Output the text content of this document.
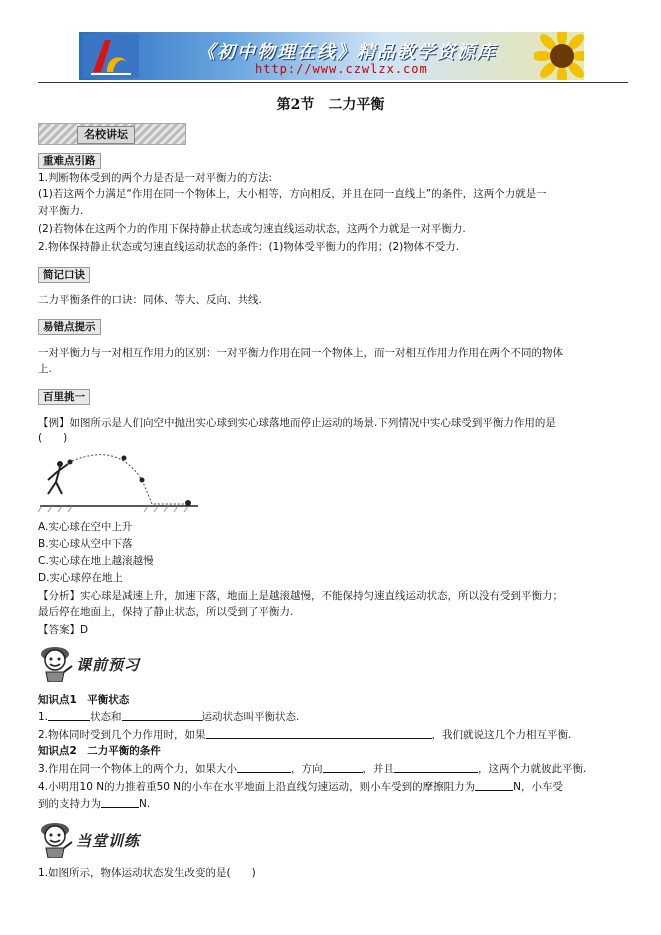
《初中物理在线》精品教学资源库
http://www.czwlzx.com
第2节　二力平衡
名校讲坛
重难点引路
1.判断物体受到的两个力是否是一对平衡力的方法:
(1)若这两个力满足“作用在同一个物体上，大小相等，方向相反，并且在同一直线上”的条件，这两个力就是一
对平衡力.
(2)若物体在这两个力的作用下保持静止状态或匀速直线运动状态，这两个力就是一对平衡力.
2.物体保持静止状态或匀速直线运动状态的条件：(1)物体受平衡力的作用；(2)物体不受力.
简记口诀
二力平衡条件的口诀：同体、等大、反向、共线.
易错点提示
一对平衡力与一对相互作用力的区别：一对平衡力作用在同一个物体上，而一对相互作用力作用在两个不同的物体
上.
百里挑一
【例】如图所示是人们向空中抛出实心球到实心球落地而停止运动的场景.下列情况中实心球受到平衡力作用的是
(　　)
A.实心球在空中上升
B.实心球从空中下落
C.实心球在地上越滚越慢
D.实心球停在地上
【分析】实心球是减速上升，加速下落，地面上是越滚越慢，不能保持匀速直线运动状态，所以没有受到平衡力；
最后停在地面上，保持了静止状态，所以受到了平衡力.
【答案】D
课前预习
知识点1　平衡状态
1.	状态和	运动状态叫平衡状态.
2.物体同时受到几个力作用时，如果	，我们就说这几个力相互平衡.
知识点2　二力平衡的条件
3.作用在同一个物体上的两个力，如果大小	，方向	，并且	，这两个力就彼此平衡.
4.小明用10 N的力推着重50 N的小车在水平地面上沿直线匀速运动，则小车受到的摩擦阻力为	N，小车受
到的支持力为	N.
当堂训练
1.如图所示，物体运动状态发生改变的是(　　)
